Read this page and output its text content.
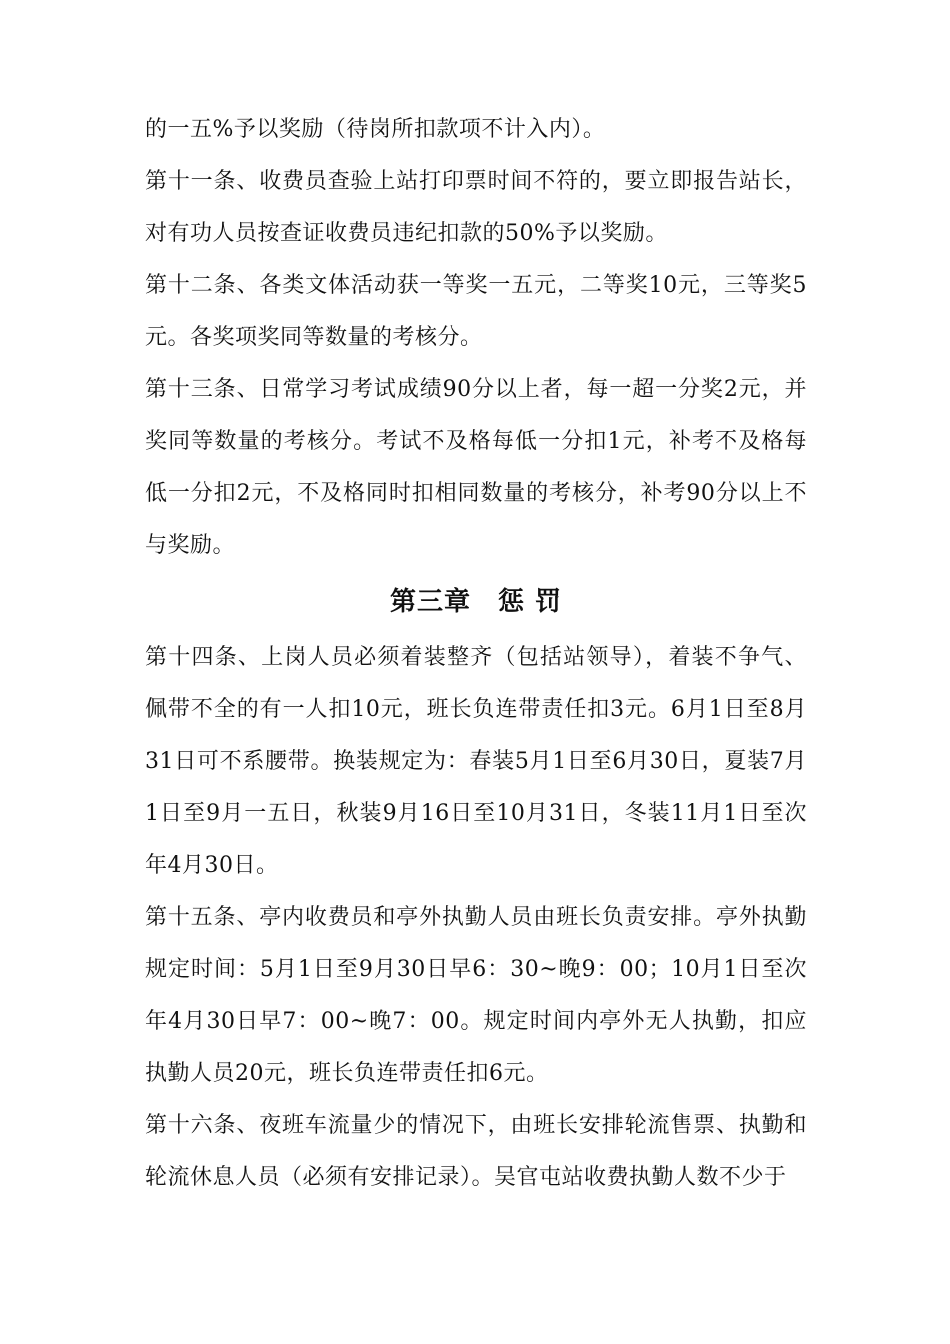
的一五%予以奖励（待岗所扣款项不计入内）。

第十一条、收费员查验上站打印票时间不符的，要立即报告站长，对有功人员按查证收费员违纪扣款的50%予以奖励。

第十二条、各类文体活动获一等奖一五元，二等奖10元，三等奖5元。各奖项奖同等数量的考核分。

第十三条、日常学习考试成绩90分以上者，每一超一分奖2元，并奖同等数量的考核分。考试不及格每低一分扣1元，补考不及格每低一分扣2元，不及格同时扣相同数量的考核分，补考90分以上不与奖励。

第三章　惩 罚

第十四条、上岗人员必须着装整齐（包括站领导），着装不争气、佩带不全的有一人扣10元，班长负连带责任扣3元。6月1日至8月31日可不系腰带。换装规定为：春装5月1日至6月30日，夏装7月1日至9月一五日，秋装9月16日至10月31日，冬装11月1日至次年4月30日。

第十五条、亭内收费员和亭外执勤人员由班长负责安排。亭外执勤规定时间：5月1日至9月30日早6：30~晚9：00；10月1日至次年4月30日早7：00~晚7：00。规定时间内亭外无人执勤，扣应执勤人员20元，班长负连带责任扣6元。

第十六条、夜班车流量少的情况下，由班长安排轮流售票、执勤和轮流休息人员（必须有安排记录）。吴官屯站收费执勤人数不少于
